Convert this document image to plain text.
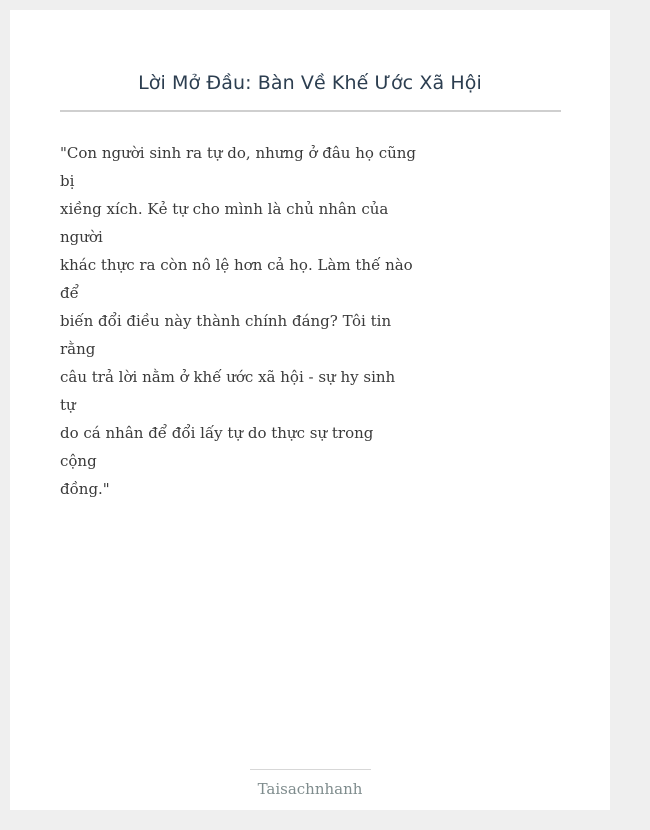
Lời Mở Đầu: Bàn Về Khế Ước Xã Hội
"Con người sinh ra tự do, nhưng ở đâu họ cũng
bị
xiềng xích. Kẻ tự cho mình là chủ nhân của
người
khác thực ra còn nô lệ hơn cả họ. Làm thế nào
để
biến đổi điều này thành chính đáng? Tôi tin
rằng
câu trả lời nằm ở khế ước xã hội - sự hy sinh
tự
do cá nhân để đổi lấy tự do thực sự trong
cộng
đồng."
Taisachnhanh
